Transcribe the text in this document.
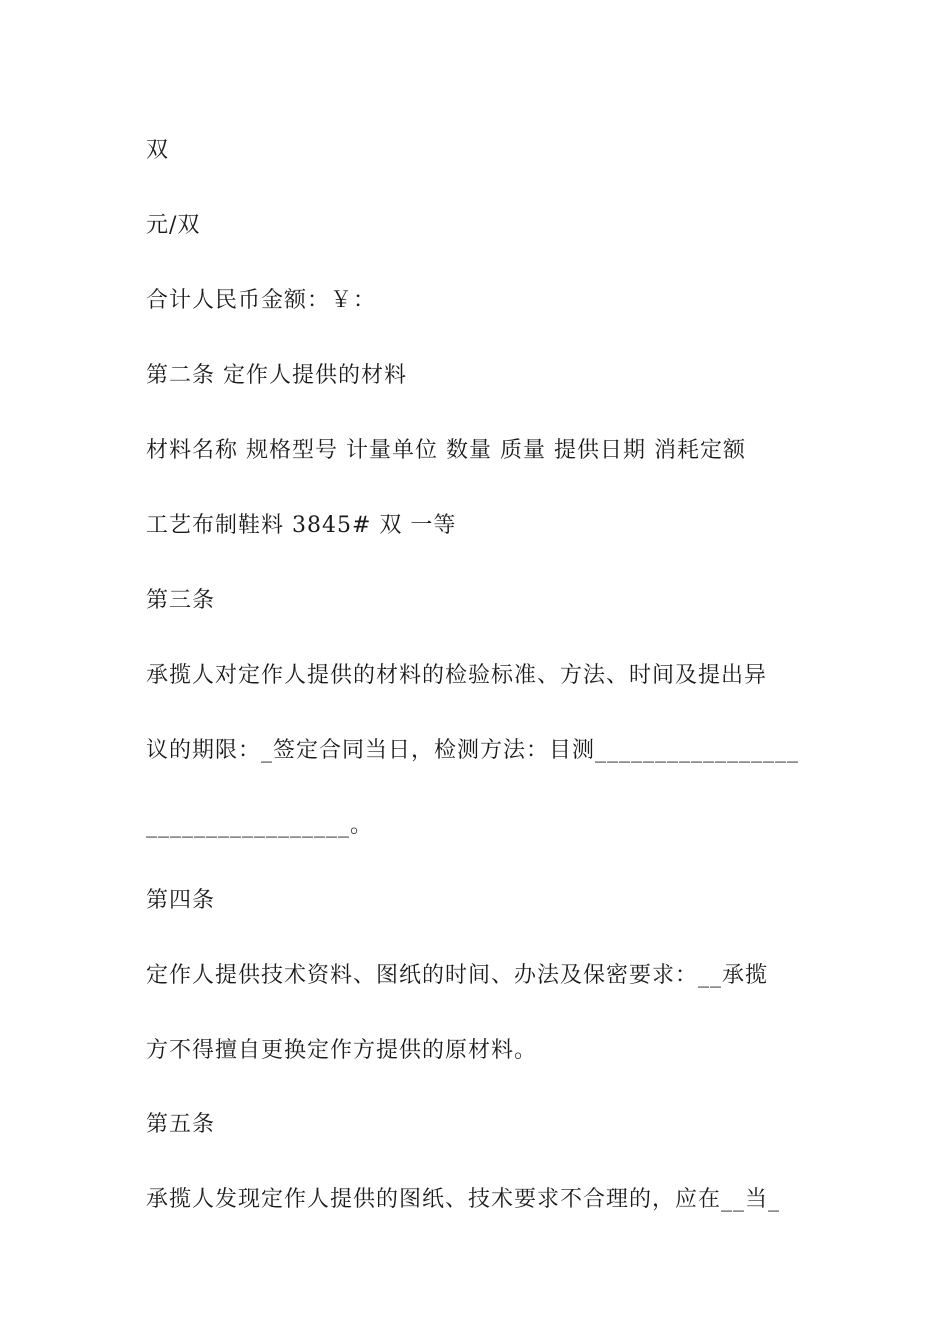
双
元/双
合计人民币金额：￥：
第二条 定作人提供的材料
材料名称 规格型号 计量单位 数量 质量 提供日期 消耗定额
工艺布制鞋料 3845# 双 一等
第三条
承揽人对定作人提供的材料的检验标准、方法、时间及提出异
议的期限：_签定合同当日，检测方法：目测_________________
_________________。
第四条
定作人提供技术资料、图纸的时间、办法及保密要求：__承揽
方不得擅自更换定作方提供的原材料。
第五条
承揽人发现定作人提供的图纸、技术要求不合理的，应在__当_
